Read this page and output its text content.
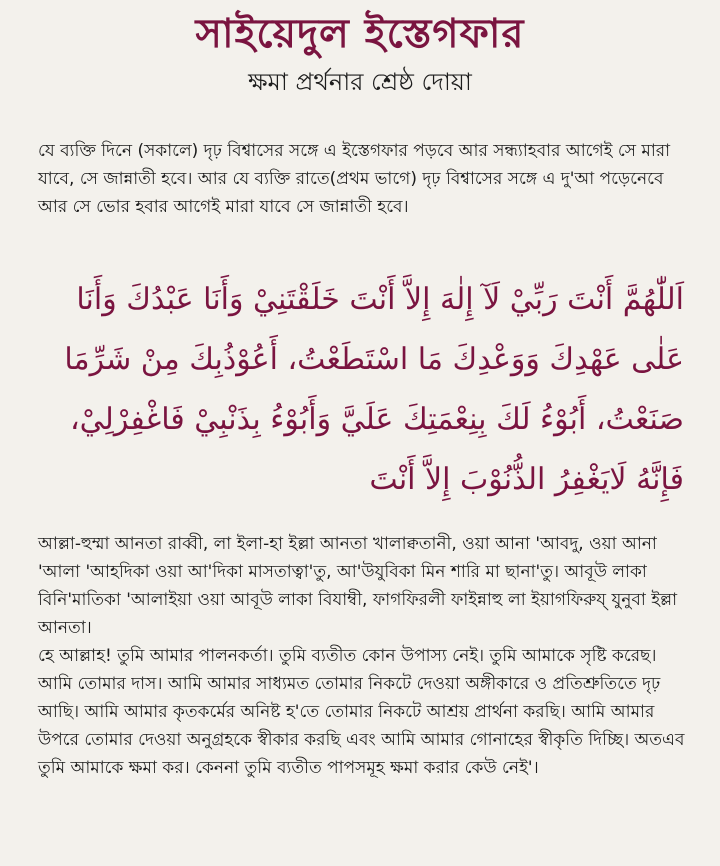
সাইয়েদুল ইস্তেগফার
ক্ষমা প্রর্থনার শ্রেষ্ঠ দোয়া

যে ব্যক্তি দিনে (সকালে) দৃঢ় বিশ্বাসের সঙ্গে এ ইস্তেগফার পড়বে আর সন্ধ্যাহবার আগেই সে মারা যাবে, সে জান্নাতী হবে। আর যে ব্যক্তি রাতে(প্রথম ভাগে) দৃঢ় বিশ্বাসের সঙ্গে এ দু'আ পড়েনেবে আর সে ভোর হবার আগেই মারা যাবে সে জান্নাতী হবে।

اَللّٰهُمَّ أَنْتَ رَبِّيْ لَآ إِلٰهَ إِلاَّ أَنْتَ خَلَقْتَنِيْ وَأَنَا عَبْدُكَ وَأَنَا عَلٰى عَهْدِكَ وَوَعْدِكَ مَا اسْتَطَعْتُ، أَعُوْذُبِكَ مِنْ شَرِّمَا صَنَعْتُ، أَبُوْءُ لَكَ بِنِعْمَتِكَ عَلَيَّ وَأَبُوْءُ بِذَنْبِيْ فَاغْفِرْلِيْ، فَإِنَّهُ لَايَغْفِرُ الذُّنُوْبَ إِلاَّ أَنْتَ

আল্লা-হুম্মা আনতা রাব্বী, লা ইলা-হা ইল্লা আনতা খালাক্বতানী, ওয়া আনা 'আবদু, ওয়া আনা 'আলা 'আহদিকা ওয়া আ'দিকা মাসতাত্বা'তু, আ'উযুবিকা মিন শারি মা ছানা'তু। আবূউ লাকা বিনি'মাতিকা 'আলাইয়া ওয়া আবূউ লাকা বিযাম্বী, ফাগফিরলী ফাইন্নাহু লা ইয়াগফিরুয্ যুনুবা ইল্লা আনতা।

হে আল্লাহ! তুমি আমার পালনকর্তা। তুমি ব্যতীত কোন উপাস্য নেই। তুমি আমাকে সৃষ্টি করেছ। আমি তোমার দাস। আমি আমার সাধ্যমত তোমার নিকটে দেওয়া অঙ্গীকারে ও প্রতিশ্রুতিতে দৃঢ় আছি। আমি আমার কৃতকর্মের অনিষ্ট হ'তে তোমার নিকটে আশ্রয় প্রার্থনা করছি। আমি আমার উপরে তোমার দেওয়া অনুগ্রহকে স্বীকার করছি এবং আমি আমার গোনাহের স্বীকৃতি দিচ্ছি। অতএব তুমি আমাকে ক্ষমা কর। কেননা তুমি ব্যতীত পাপসমূহ ক্ষমা করার কেউ নেই'।
